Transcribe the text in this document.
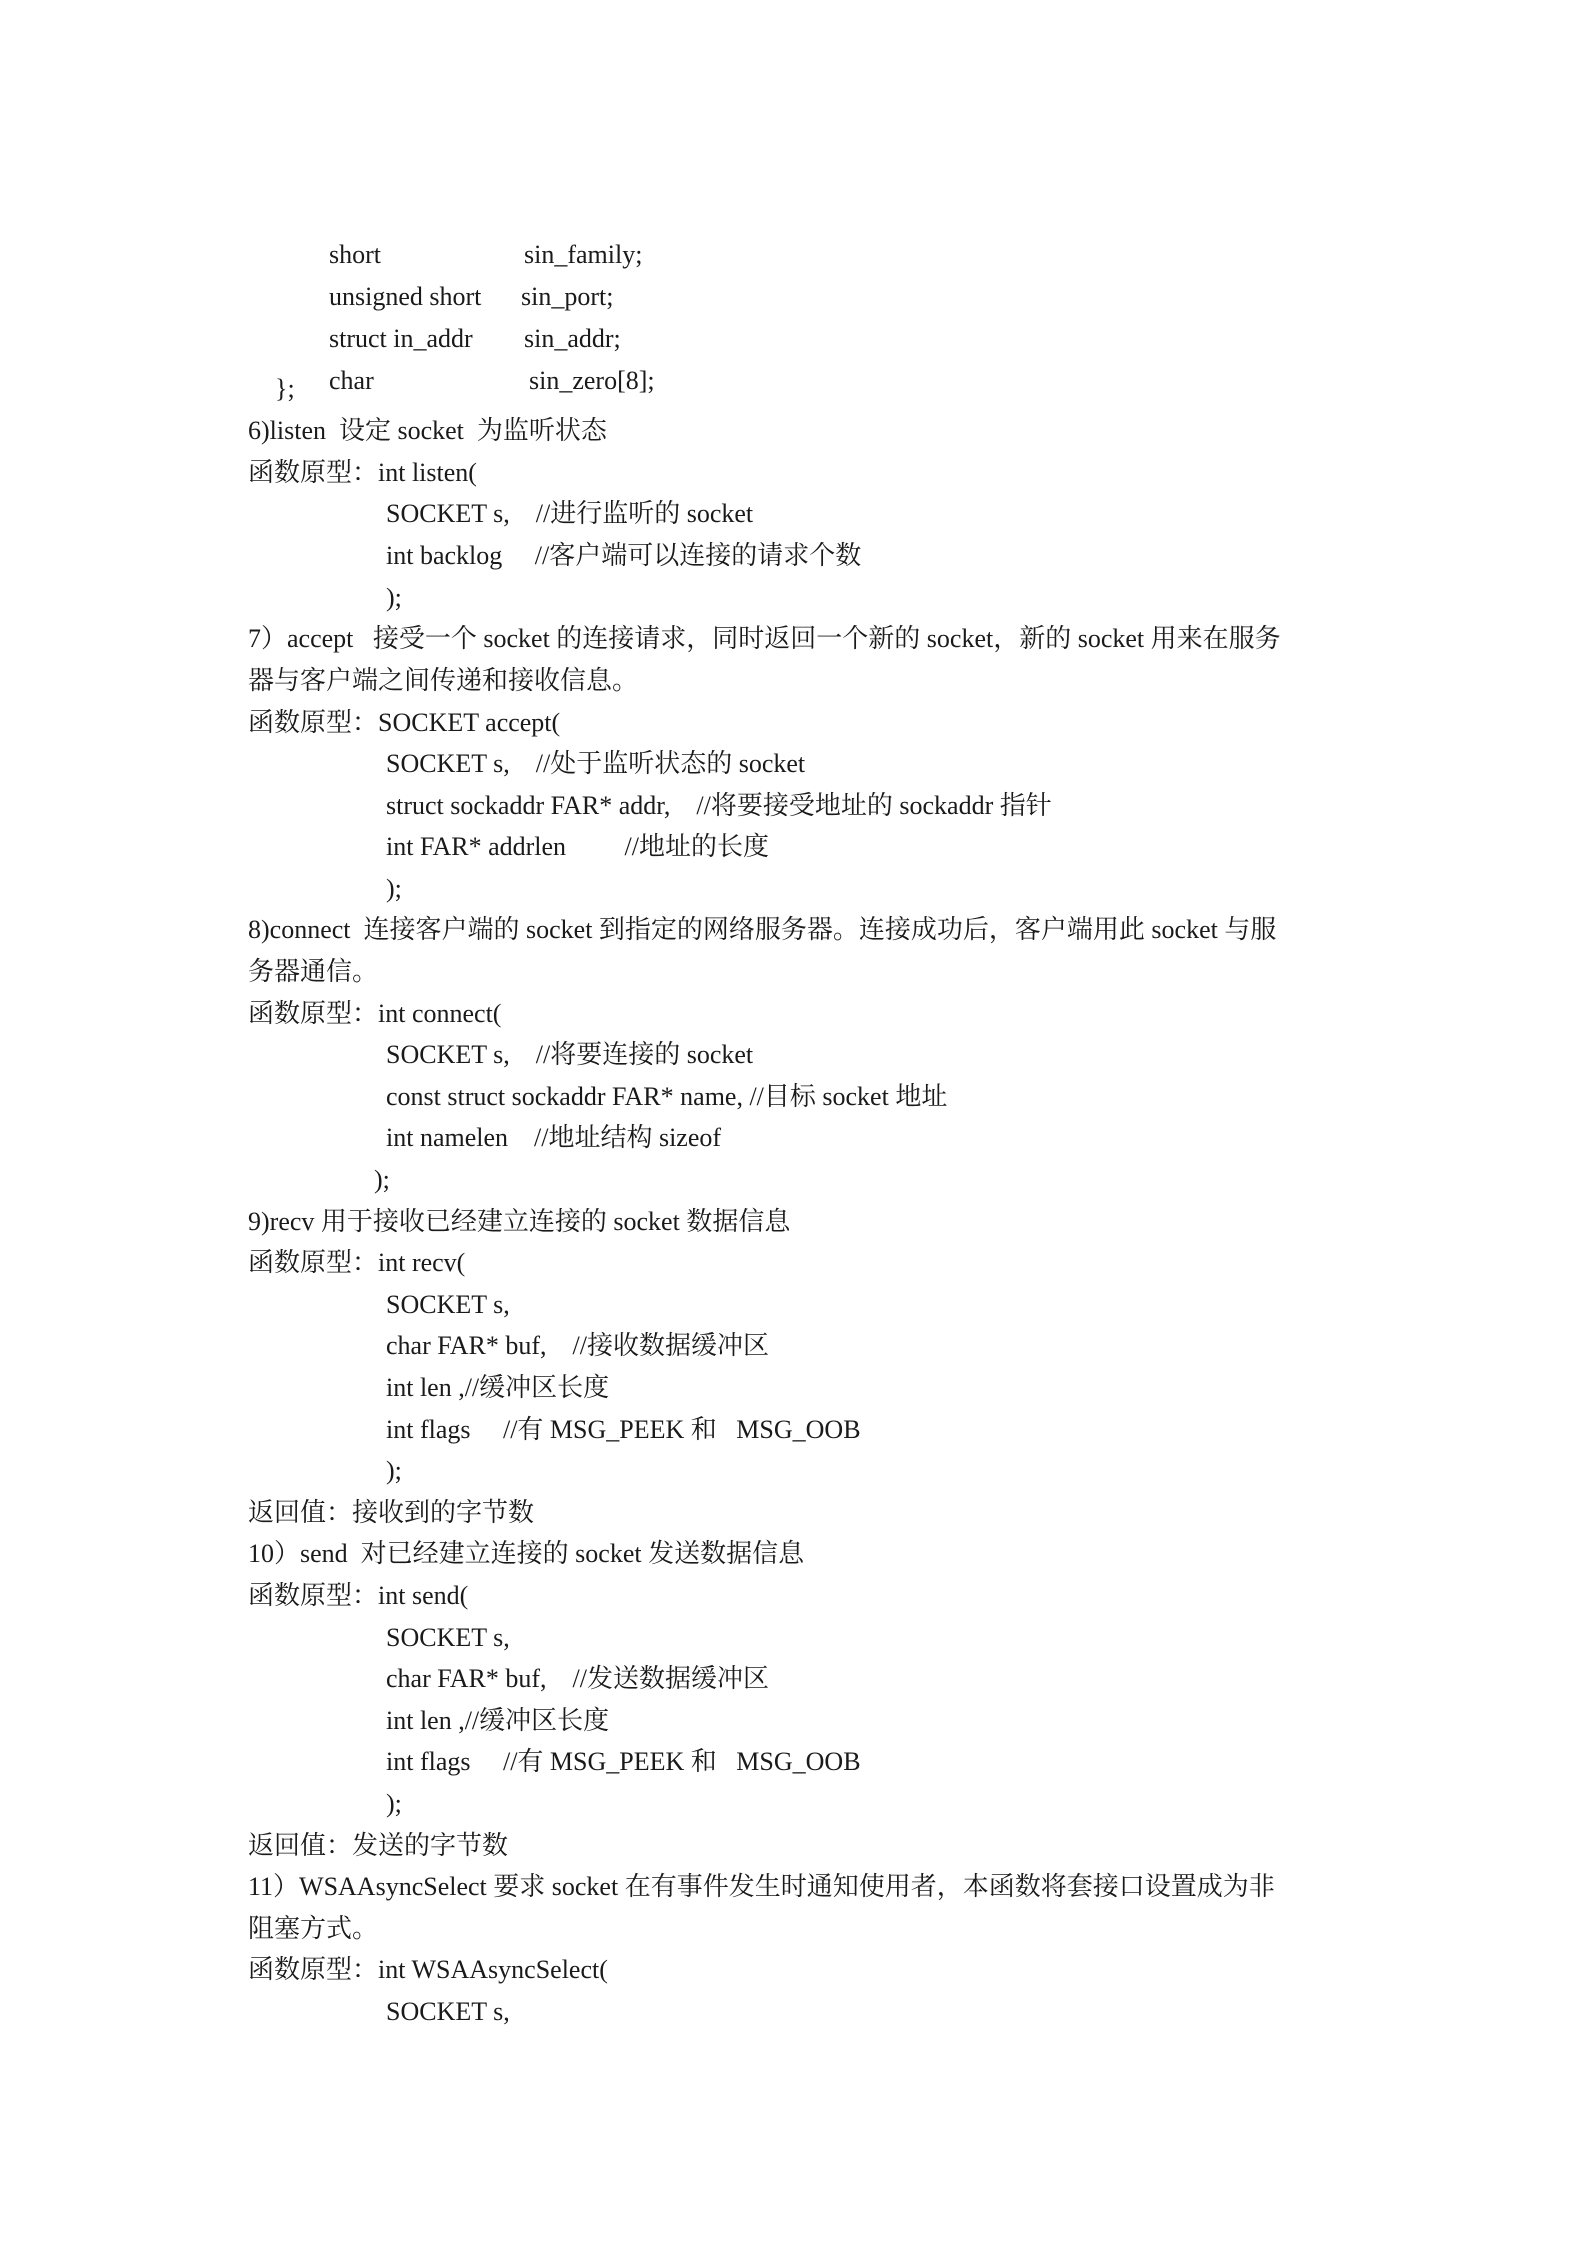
short	sin_family;

unsigned short sin_port;

struct in_addr sin_addr;

char	sin_zero[8];

};
6)listen  设定 socket  为监听状态
函数原型：int listen(
SOCKET s,    //进行监听的 socket
int backlog     //客户端可以连接的请求个数
);
7）accept   接受一个 socket 的连接请求，同时返回一个新的 socket，新的 socket 用来在服务
器与客户端之间传递和接收信息。
函数原型：SOCKET accept(
SOCKET s,    //处于监听状态的 socket
struct sockaddr FAR* addr,    //将要接受地址的 sockaddr 指针
int FAR* addrlen         //地址的长度
);
8)connect  连接客户端的 socket 到指定的网络服务器。连接成功后，客户端用此 socket 与服
务器通信。
函数原型：int connect(
SOCKET s,    //将要连接的 socket
const struct sockaddr FAR* name, //目标 socket 地址
int namelen    //地址结构 sizeof
);
9)recv 用于接收已经建立连接的 socket 数据信息
函数原型：int recv(
SOCKET s,
char FAR* buf,    //接收数据缓冲区
int len ,//缓冲区长度
int flags     //有 MSG_PEEK 和   MSG_OOB
);
返回值：接收到的字节数
10）send  对已经建立连接的 socket 发送数据信息
函数原型：int send(
SOCKET s,
char FAR* buf,    //发送数据缓冲区
int len ,//缓冲区长度
int flags     //有 MSG_PEEK 和   MSG_OOB
);
返回值：发送的字节数
11）WSAAsyncSelect 要求 socket 在有事件发生时通知使用者，本函数将套接口设置成为非
阻塞方式。
函数原型：int WSAAsyncSelect(
SOCKET s,
